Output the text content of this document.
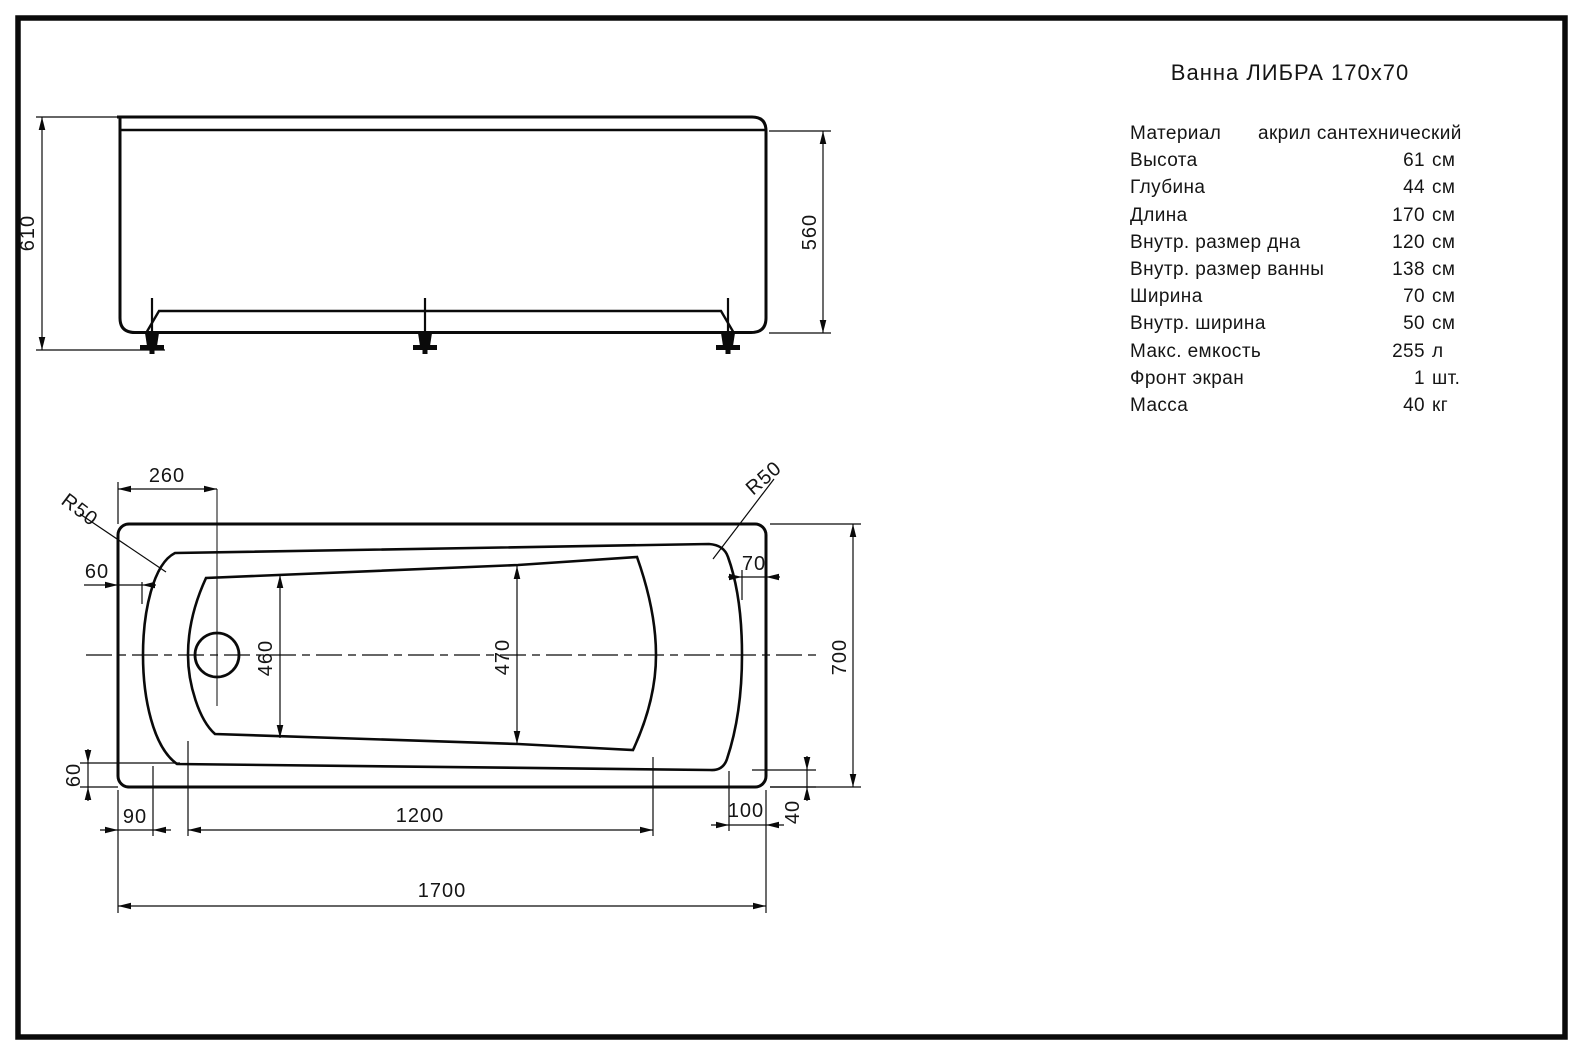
610	560
260
R50
R50
60
460	470
70
700
60
90	1200	100 40
1700
Ванна ЛИБРА 170х70
Материал	акрил сантехнический
Высота	61 см
Глубина	44 см
Длина	170 см
Внутр. размер дна	120 см
Внутр. размер ванны	138 см
Ширина	70 см
Внутр. ширина	50 см
Макс. емкость	255 л
Фронт экран	1 шт.
Масса	40 кг
